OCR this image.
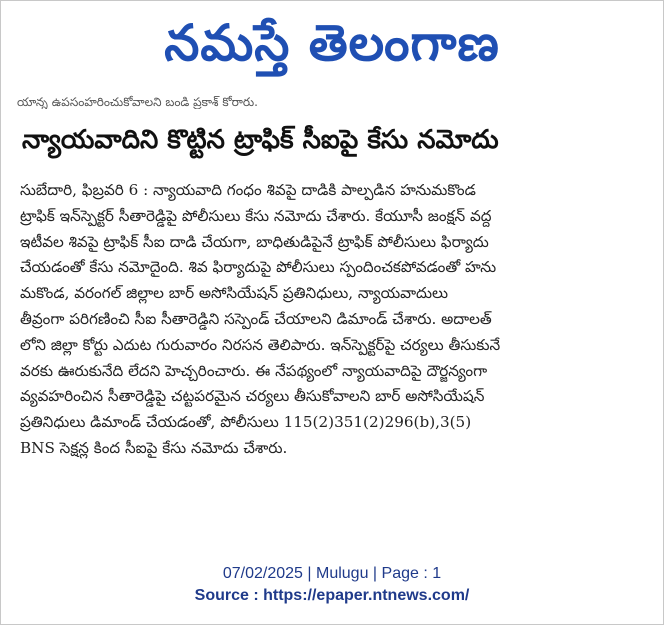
నమస్తే తెలంగాణ
యాన్న ఉపసంహరించుకోవాలని బండి ప్రకాశ్ కోరారు.
న్యాయవాదిని కొట్టిన ట్రాఫిక్ సీఐపై కేసు నమోదు
సుబేదారి, ఫిబ్రవరి 6 : న్యాయవాది గంధం శివపై దాడికి పాల్పడిన హనుమకొండ
ట్రాఫిక్ ఇన్‌స్పెక్టర్ సీతారెడ్డిపై పోలీసులు కేసు నమోదు చేశారు. కేయూసీ జంక్షన్ వద్ద
ఇటీవల శివపై ట్రాఫిక్ సీఐ దాడి చేయగా, బాధితుడిపైనే ట్రాఫిక్ పోలీసులు ఫిర్యాదు
చేయడంతో కేసు నమోదైంది. శివ ఫిర్యాదుపై పోలీసులు స్పందించకపోవడంతో హను
మకొండ, వరంగల్ జిల్లాల బార్ అసోసియేషన్ ప్రతినిధులు, న్యాయవాదులు
తీవ్రంగా పరిగణించి సీఐ సీతారెడ్డిని సస్పెండ్ చేయాలని డిమాండ్ చేశారు. అదాలత్
లోని జిల్లా కోర్టు ఎదుట గురువారం నిరసన తెలిపారు. ఇన్‌స్పెక్టర్‌పై చర్యలు తీసుకునే
వరకు ఊరుకునేది లేదని హెచ్చరించారు. ఈ నేపథ్యంలో న్యాయవాదిపై దౌర్జన్యంగా
వ్యవహరించిన సీతారెడ్డిపై చట్టపరమైన చర్యలు తీసుకోవాలని బార్ అసోసియేషన్
ప్రతినిధులు డిమాండ్ చేయడంతో, పోలీసులు 115(2)351(2)296(b),3(5)
BNS సెక్షన్ల కింద సీఐపై కేసు నమోదు చేశారు.
07/02/2025 | Mulugu | Page : 1
Source : https://epaper.ntnews.com/
